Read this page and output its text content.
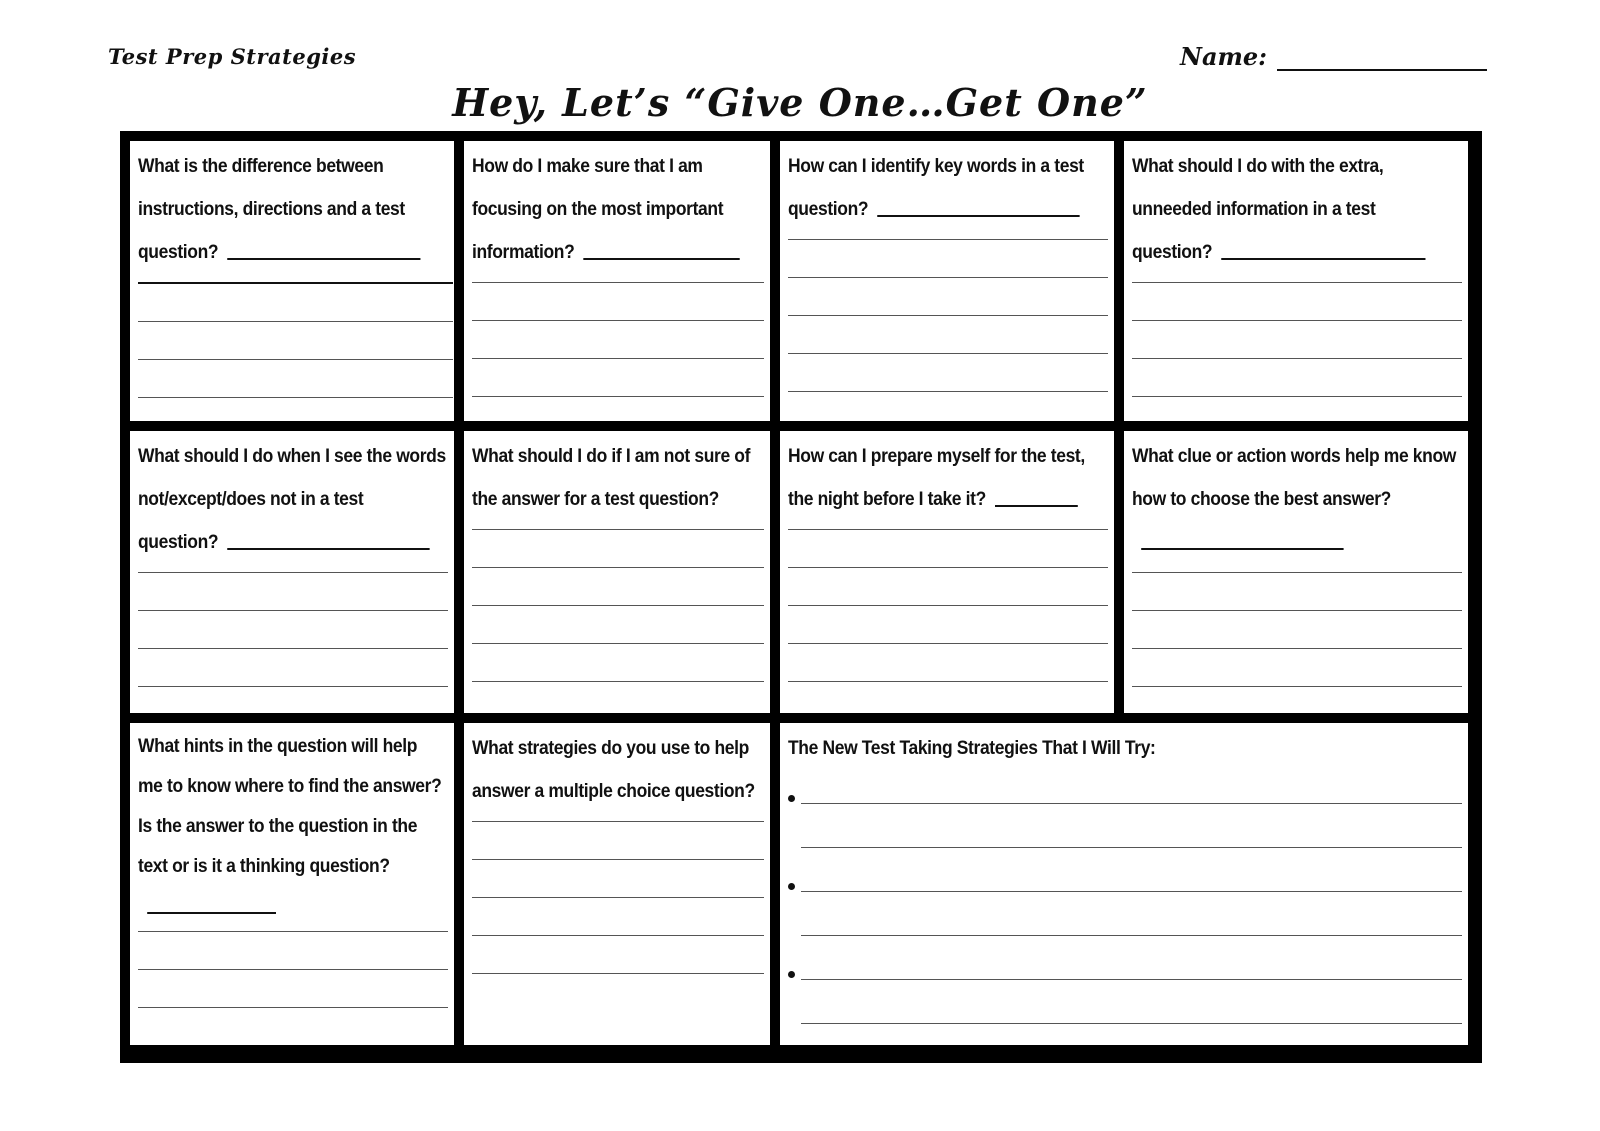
Test Prep Strategies	Name:
Hey, Let’s “Give One…Get One”
What is the difference between instructions, directions and a test question?
How do I make sure that I am focusing on the most important information?
How can I identify key words in a test question?
What should I do with the extra, unneeded information in a test question?
What should I do when I see the words not/except/does not in a test question?
What should I do if I am not sure of the answer for a test question?
How can I prepare myself for the test, the night before I take it?
What clue or action words help me know how to choose the best answer?
What hints in the question will help me to know where to find the answer? Is the answer to the question in the text or is it a thinking question?
What strategies do you use to help answer a multiple choice question?
The New Test Taking Strategies That I Will Try:
